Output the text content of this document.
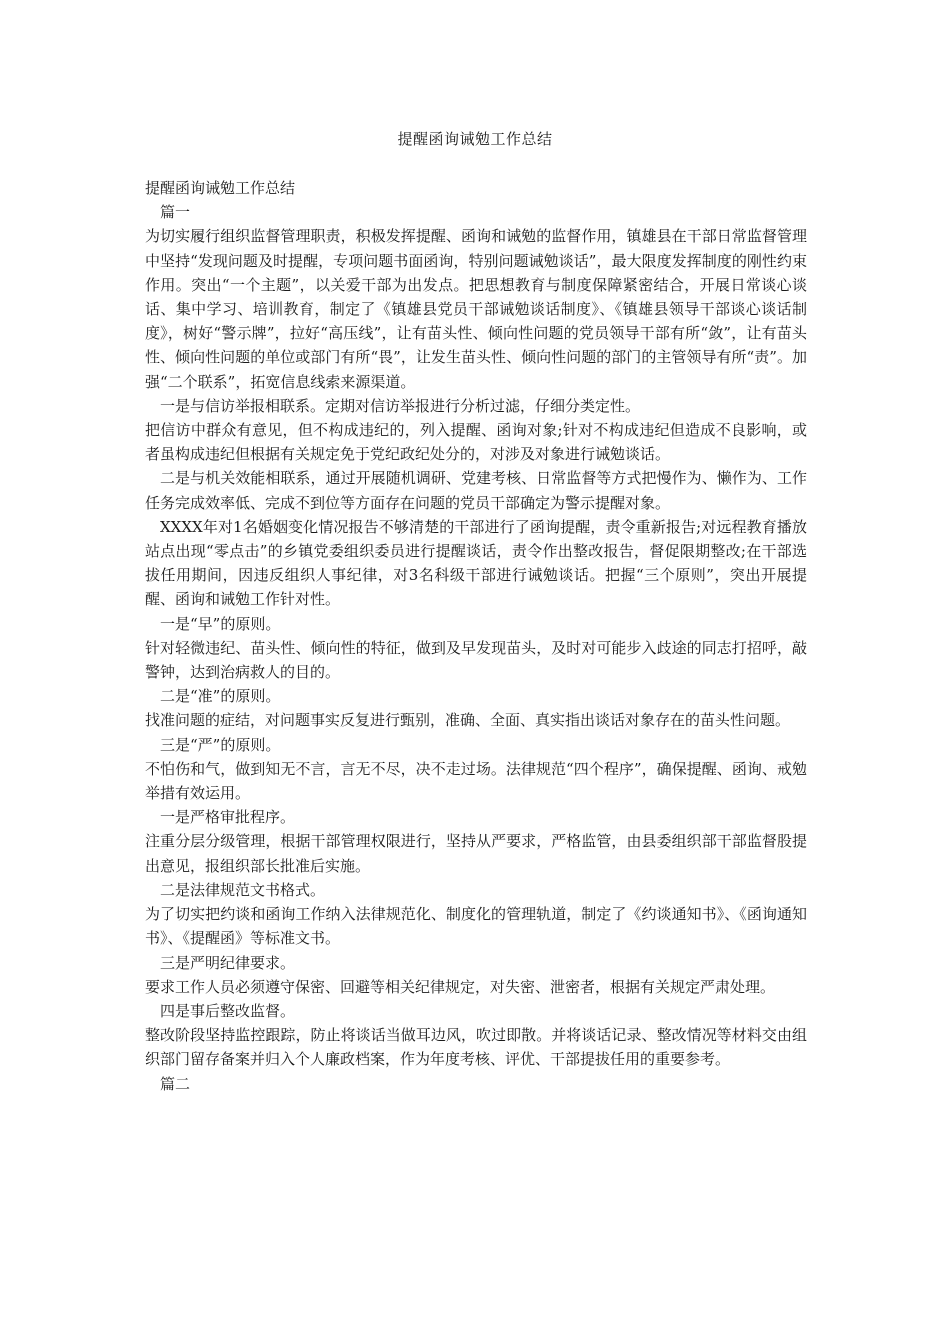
提醒函询诫勉工作总结

提醒函询诫勉工作总结

篇一

为切实履行组织监督管理职责，积极发挥提醒、函询和诫勉的监督作用，镇雄县在干部日常监督管理中坚持“发现问题及时提醒，专项问题书面函询，特别问题诫勉谈话”，最大限度发挥制度的刚性约束作用。突出“一个主题”，以关爱干部为出发点。把思想教育与制度保障紧密结合，开展日常谈心谈话、集中学习、培训教育，制定了《镇雄县党员干部诫勉谈话制度》、《镇雄县领导干部谈心谈话制度》，树好“警示牌”，拉好“高压线”，让有苗头性、倾向性问题的党员领导干部有所“敛”，让有苗头性、倾向性问题的单位或部门有所“畏”，让发生苗头性、倾向性问题的部门的主管领导有所“责”。加强“二个联系”，拓宽信息线索来源渠道。

一是与信访举报相联系。定期对信访举报进行分析过滤，仔细分类定性。

把信访中群众有意见，但不构成违纪的，列入提醒、函询对象;针对不构成违纪但造成不良影响，或者虽构成违纪但根据有关规定免于党纪政纪处分的，对涉及对象进行诫勉谈话。

二是与机关效能相联系，通过开展随机调研、党建考核、日常监督等方式把慢作为、懒作为、工作任务完成效率低、完成不到位等方面存在问题的党员干部确定为警示提醒对象。

XXXX年对1名婚姻变化情况报告不够清楚的干部进行了函询提醒，责令重新报告;对远程教育播放站点出现“零点击”的乡镇党委组织委员进行提醒谈话，责令作出整改报告，督促限期整改;在干部选拔任用期间，因违反组织人事纪律，对3名科级干部进行诫勉谈话。把握“三个原则”，突出开展提醒、函询和诫勉工作针对性。

一是“早”的原则。

针对轻微违纪、苗头性、倾向性的特征，做到及早发现苗头，及时对可能步入歧途的同志打招呼，敲警钟，达到治病救人的目的。

二是“准”的原则。

找准问题的症结，对问题事实反复进行甄别，准确、全面、真实指出谈话对象存在的苗头性问题。

三是“严”的原则。

不怕伤和气，做到知无不言，言无不尽，决不走过场。法律规范“四个程序”，确保提醒、函询、戒勉举措有效运用。

一是严格审批程序。

注重分层分级管理，根据干部管理权限进行，坚持从严要求，严格监管，由县委组织部干部监督股提出意见，报组织部长批准后实施。

二是法律规范文书格式。

为了切实把约谈和函询工作纳入法律规范化、制度化的管理轨道，制定了《约谈通知书》、《函询通知书》、《提醒函》等标准文书。

三是严明纪律要求。

要求工作人员必须遵守保密、回避等相关纪律规定，对失密、泄密者，根据有关规定严肃处理。

四是事后整改监督。

整改阶段坚持监控跟踪，防止将谈话当做耳边风，吹过即散。并将谈话记录、整改情况等材料交由组织部门留存备案并归入个人廉政档案，作为年度考核、评优、干部提拔任用的重要参考。

篇二
